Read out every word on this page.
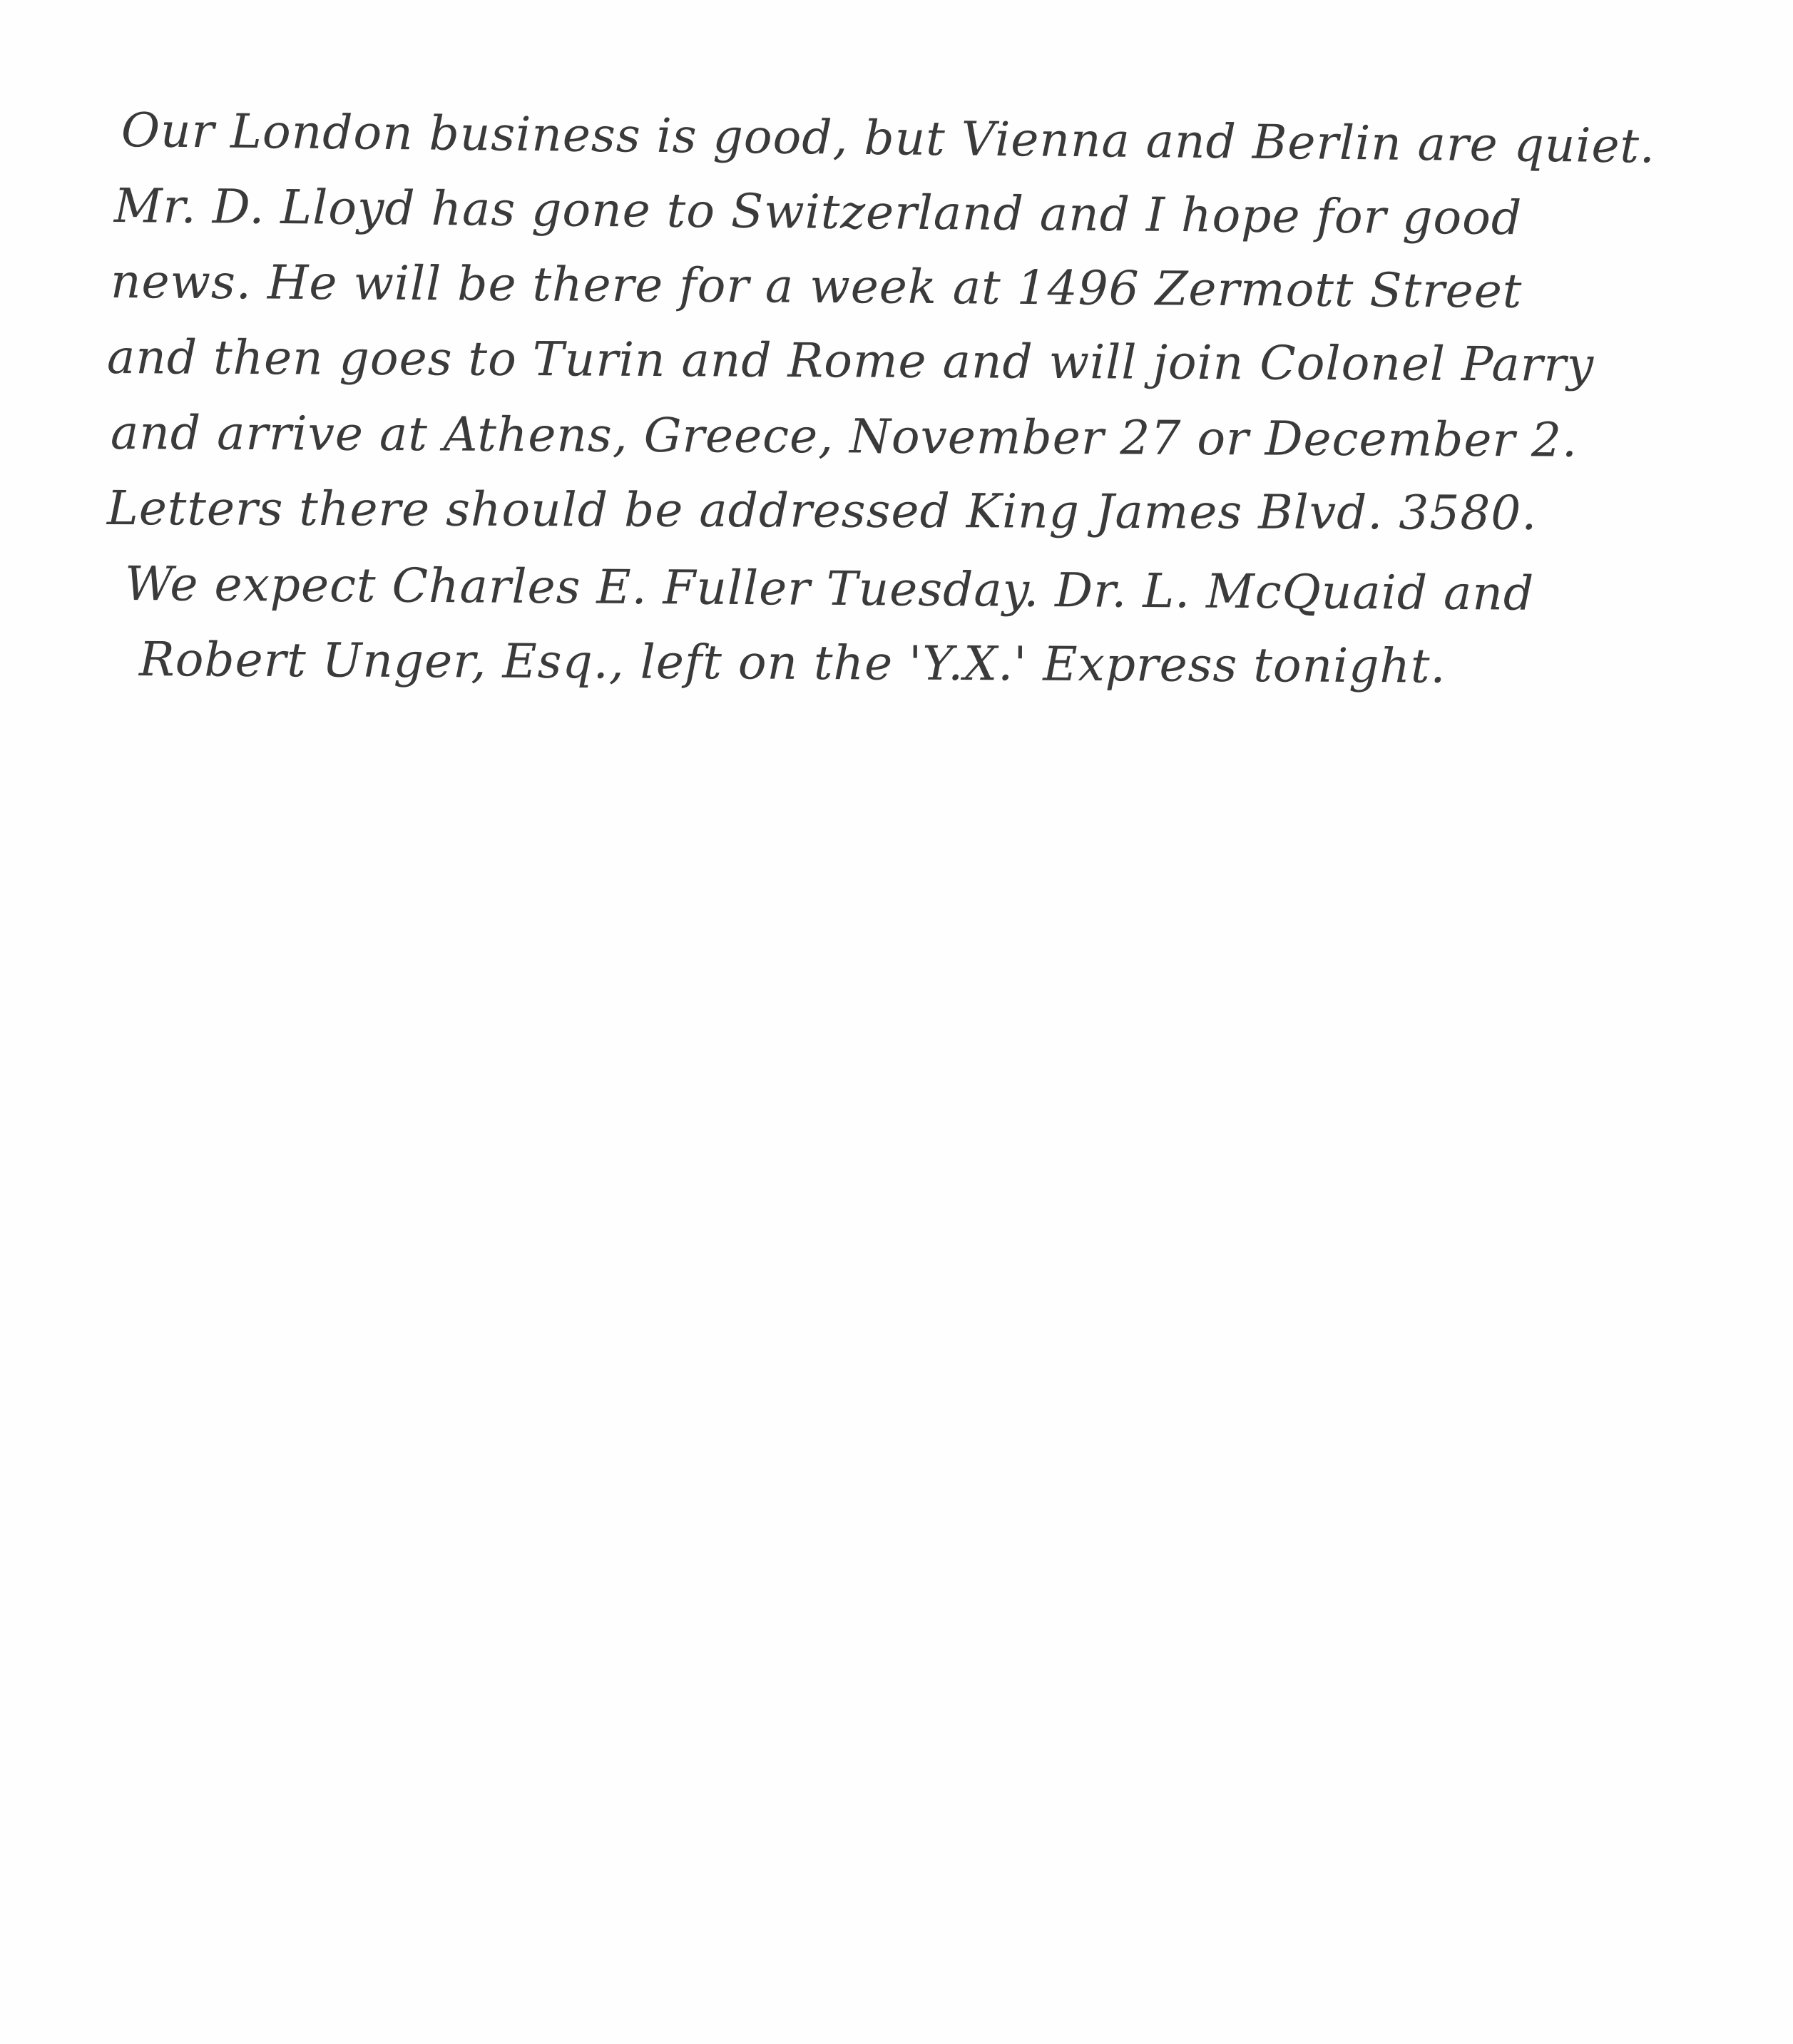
Our London business is good, but Vienna and Berlin are quiet.
Mr. D. Lloyd has gone to Switzerland and I hope for good
news. He will be there for a week at 1496 Zermott Street
and then goes to Turin and Rome and will join Colonel Parry
and arrive at Athens, Greece, November 27 or December 2.
Letters there should be addressed King James Blvd. 3580.
We expect Charles E. Fuller Tuesday. Dr. L. McQuaid and
Robert Unger, Esq., left on the 'Y.X.' Express tonight.
